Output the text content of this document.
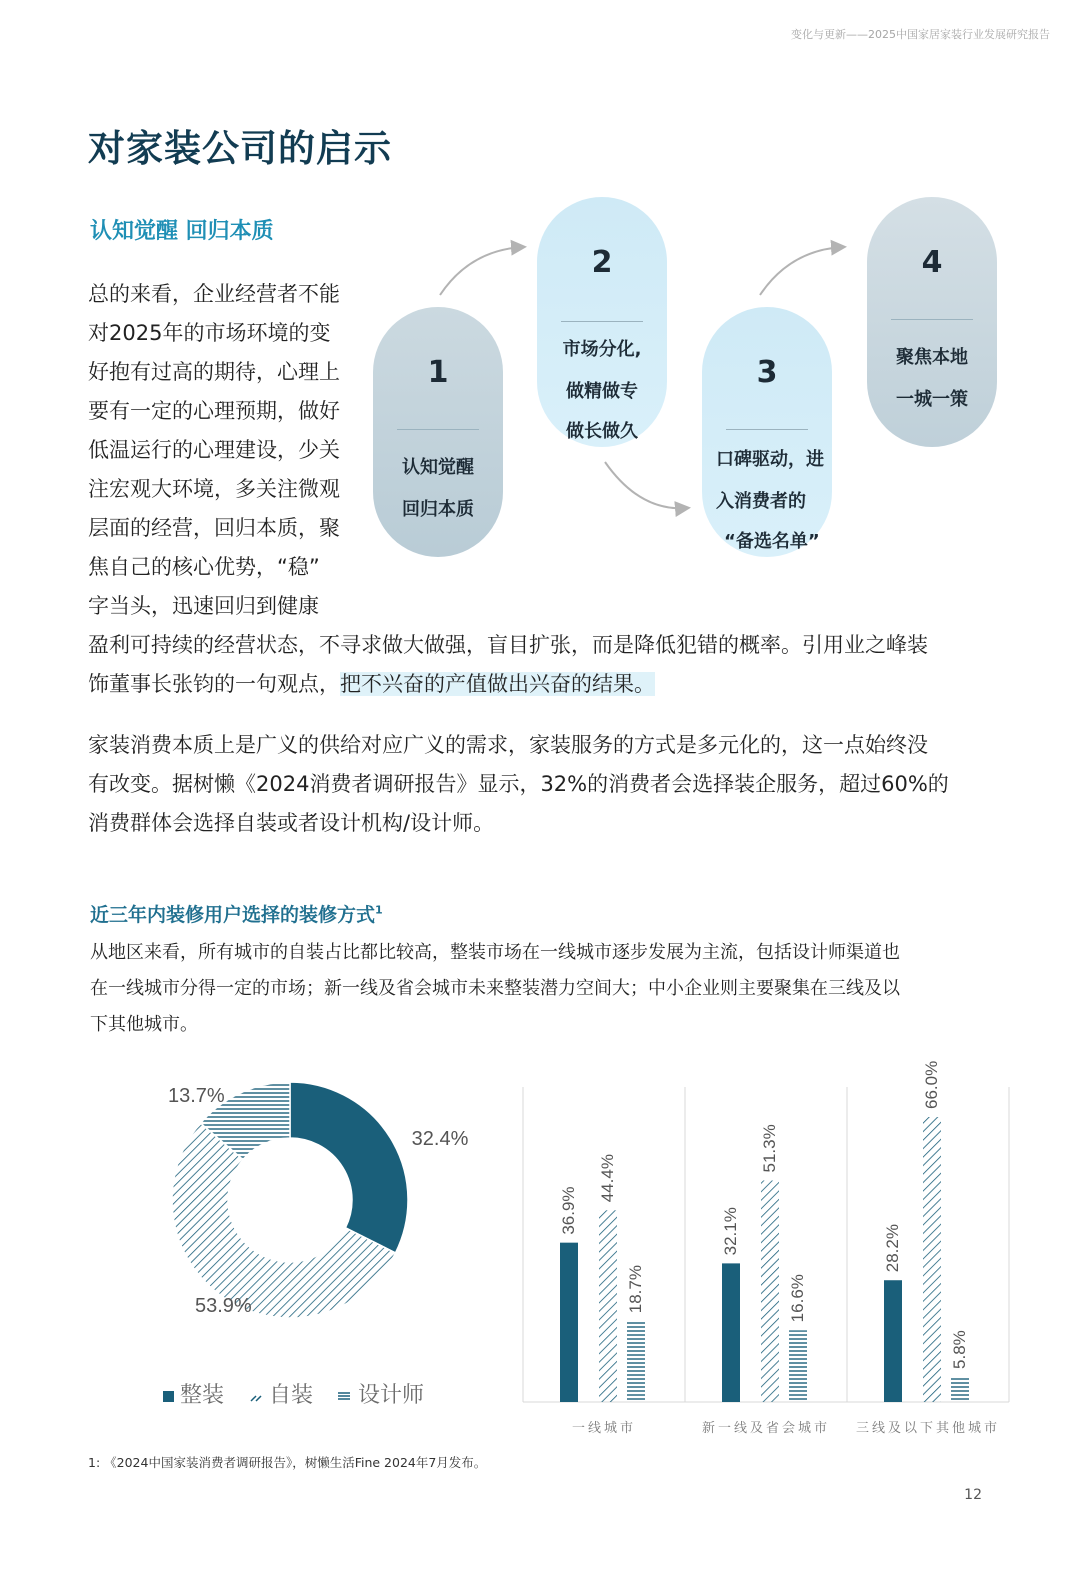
变化与更新——2025中国家居家装行业发展研究报告
对家装公司的启示
认知觉醒 回归本质
总的来看，企业经营者不能
对2025年的市场环境的变
好抱有过高的期待，心理上
要有一定的心理预期，做好
低温运行的心理建设，少关
注宏观大环境，多关注微观
层面的经营，回归本质，聚
焦自己的核心优势，“稳”
字当头，迅速回归到健康
1
认知觉醒
回归本质
2
市场分化,
做精做专
做长做久
3
口碑驱动，进
入消费者的
“备选名单”
4
聚焦本地
一城一策
盈利可持续的经营状态，不寻求做大做强，盲目扩张，而是降低犯错的概率。引用业之峰装
饰董事长张钧的一句观点，把不兴奋的产值做出兴奋的结果。
家装消费本质上是广义的供给对应广义的需求，家装服务的方式是多元化的，这一点始终没
有改变。据树懒《2024消费者调研报告》显示，32%的消费者会选择装企服务，超过60%的
消费群体会选择自装或者设计机构/设计师。
近三年内装修用户选择的装修方式$^1$
从地区来看，所有城市的自装占比都比较高，整装市场在一线城市逐步发展为主流，包括设计师渠道也
在一线城市分得一定的市场；新一线及省会城市未来整装潜力空间大；中小企业则主要聚集在三线及以
下其他城市。
32.4%
53.9%
13.7%
36.9%
44.4%
18.7%
一线城市
32.1%
51.3%
16.6%
新一线及省会城市
28.2%
66.0%
5.8%
三线及以下其他城市
整装 自装 设计师
1: 《2024中国家装消费者调研报告》，树懒生活Fine 2024年7月发布。
12
